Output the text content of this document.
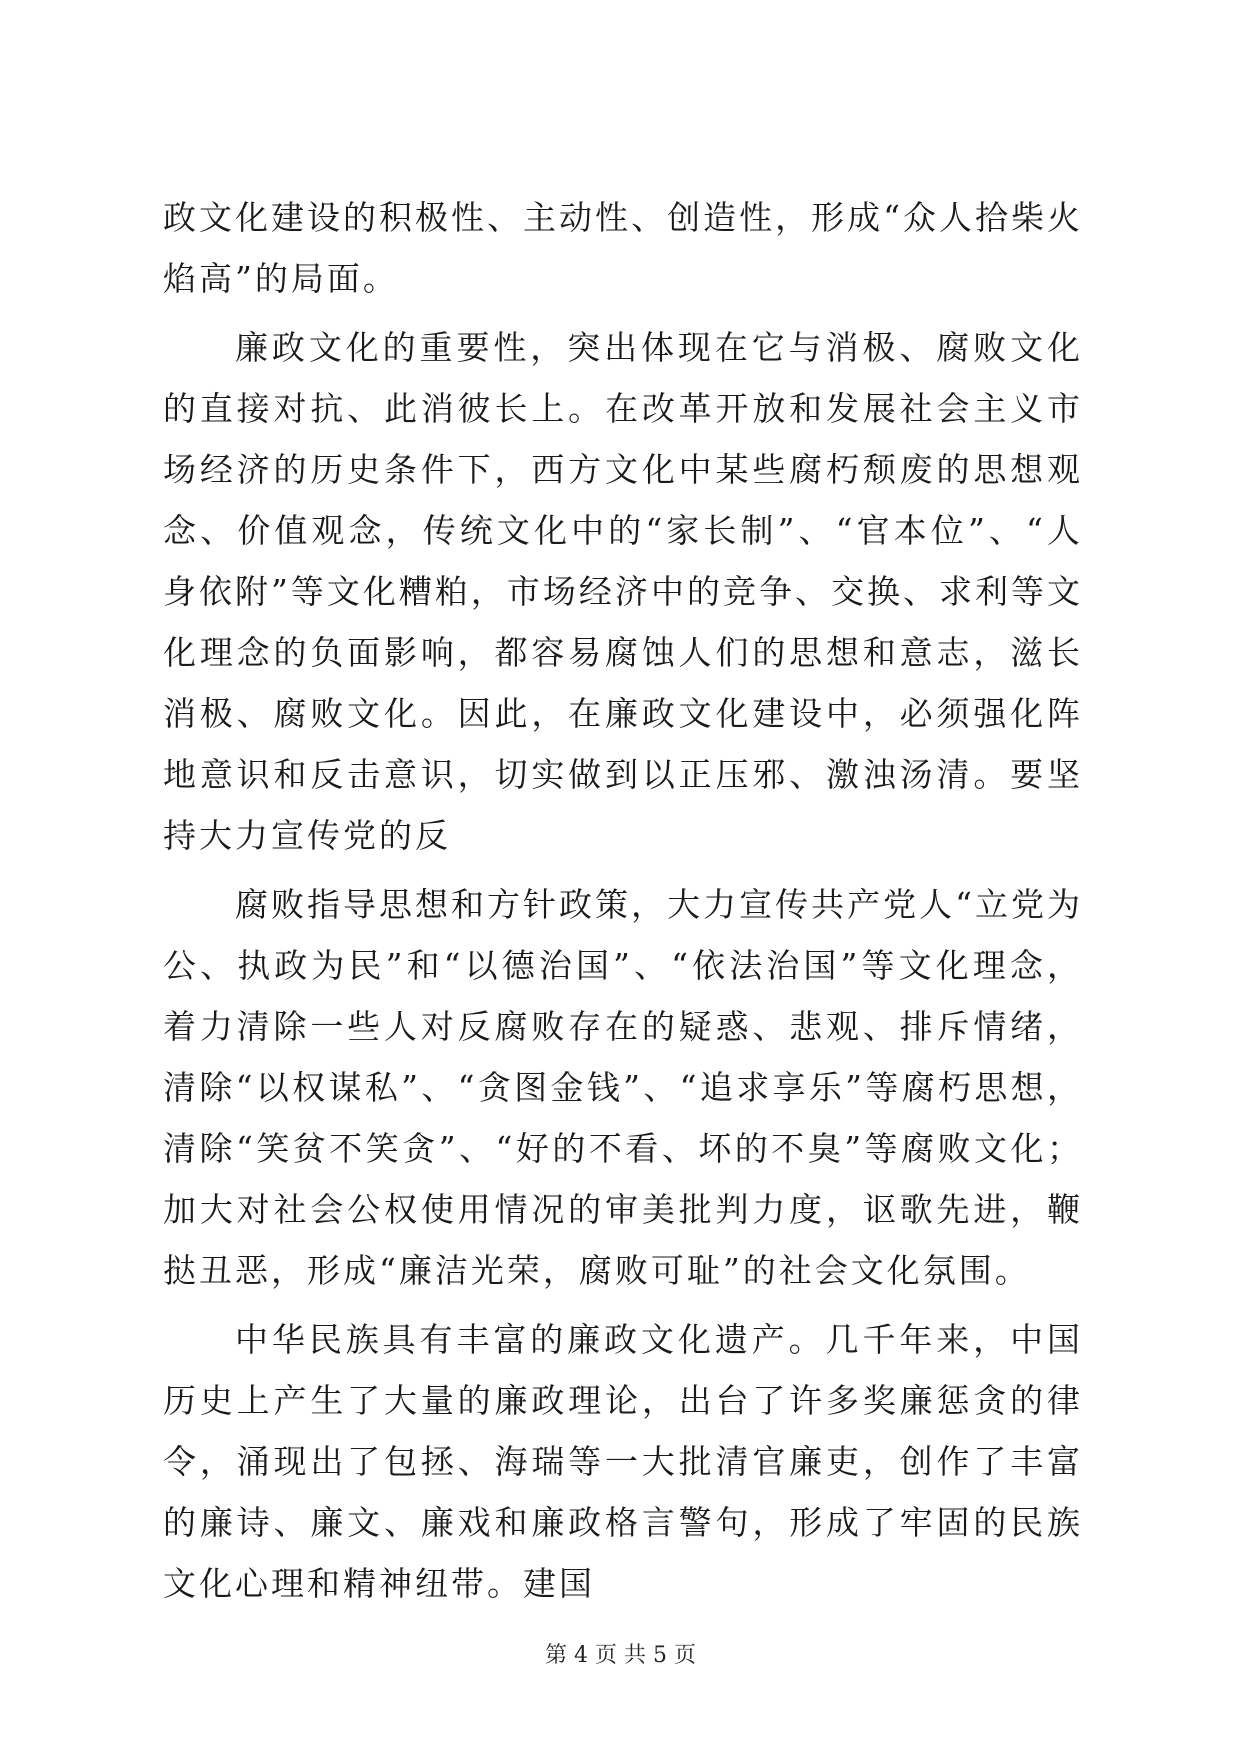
政文化建设的积极性、主动性、创造性，形成“众人拾柴火焰高”的局面。

廉政文化的重要性，突出体现在它与消极、腐败文化的直接对抗、此消彼长上。在改革开放和发展社会主义市场经济的历史条件下，西方文化中某些腐朽颓废的思想观念、价值观念，传统文化中的“家长制”、“官本位”、“人身依附”等文化糟粕，市场经济中的竞争、交换、求利等文化理念的负面影响，都容易腐蚀人们的思想和意志，滋长消极、腐败文化。因此，在廉政文化建设中，必须强化阵地意识和反击意识，切实做到以正压邪、激浊汤清。要坚持大力宣传党的反

腐败指导思想和方针政策，大力宣传共产党人“立党为公、执政为民”和“以德治国”、“依法治国”等文化理念，着力清除一些人对反腐败存在的疑惑、悲观、排斥情绪，清除“以权谋私”、“贪图金钱”、“追求享乐”等腐朽思想，清除“笑贫不笑贪”、“好的不看、坏的不臭”等腐败文化；加大对社会公权使用情况的审美批判力度，讴歌先进，鞭挞丑恶，形成“廉洁光荣，腐败可耻”的社会文化氛围。

中华民族具有丰富的廉政文化遗产。几千年来，中国历史上产生了大量的廉政理论，出台了许多奖廉惩贪的律令，涌现出了包拯、海瑞等一大批清官廉吏，创作了丰富的廉诗、廉文、廉戏和廉政格言警句，形成了牢固的民族文化心理和精神纽带。建国

第 4 页 共 5 页
